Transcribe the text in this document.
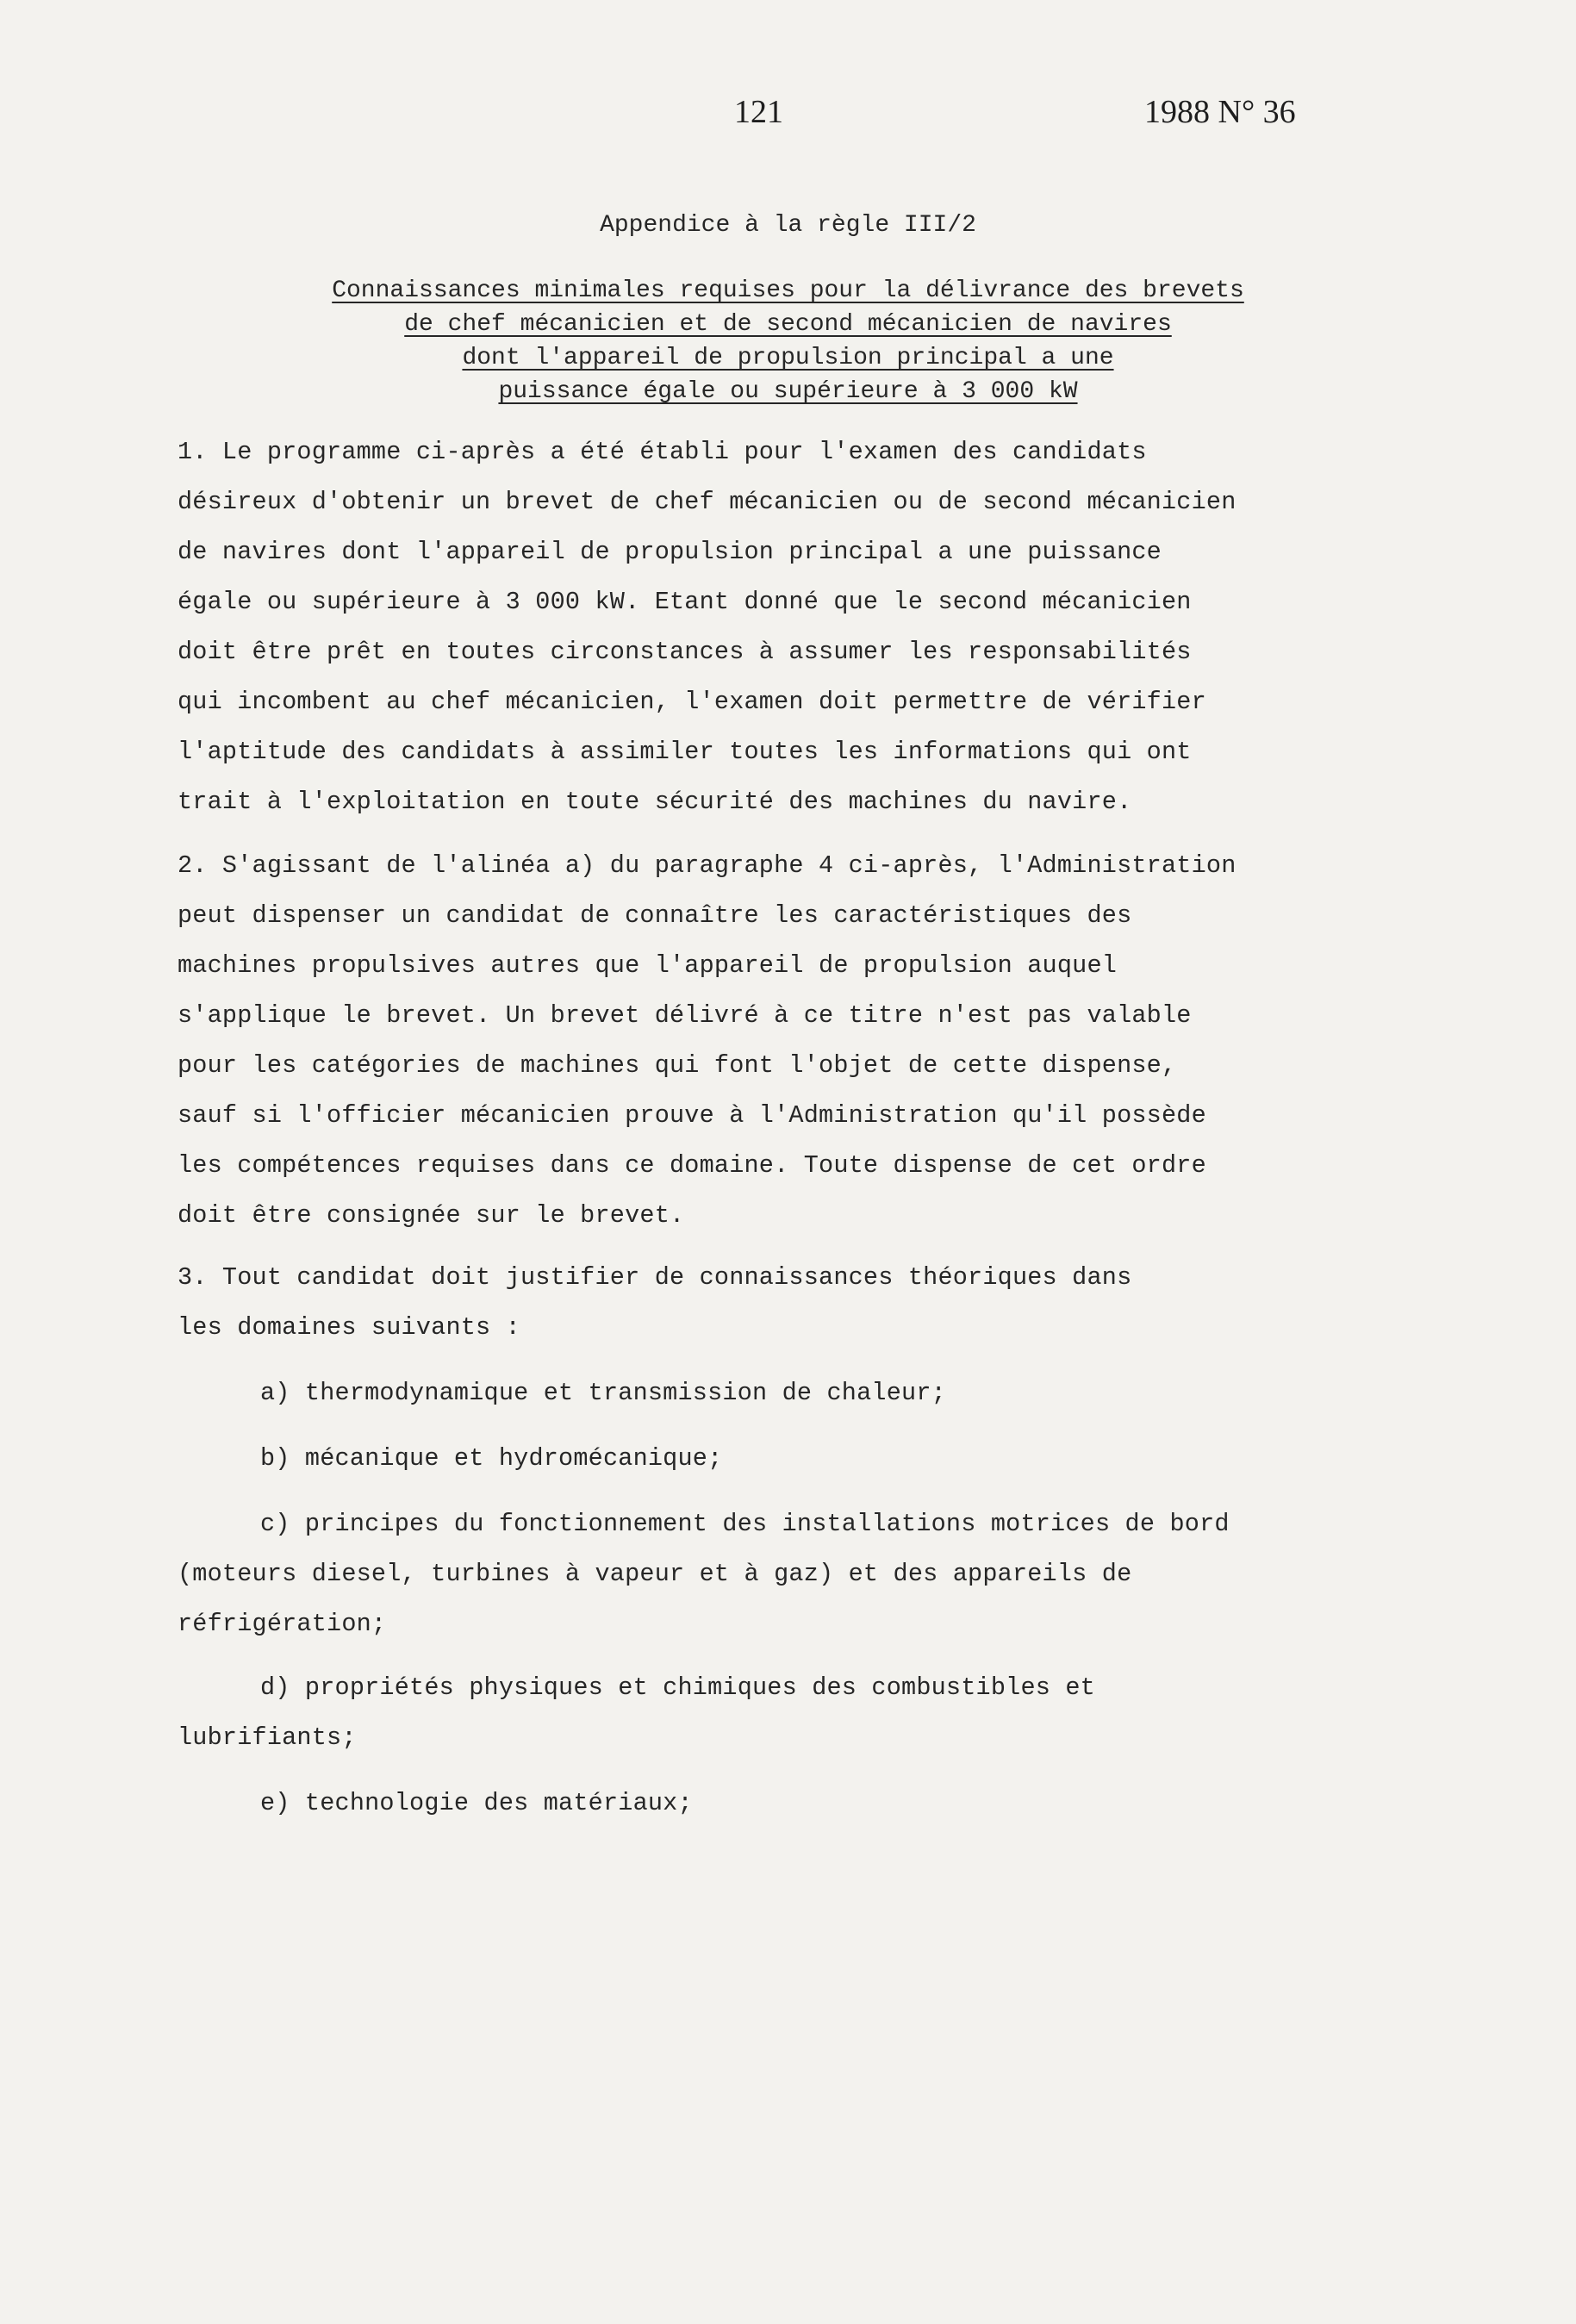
121	1988 N° 36
Appendice à la règle III/2
Connaissances minimales requises pour la délivrance des brevets
de chef mécanicien et de second mécanicien de navires
dont l'appareil de propulsion principal a une
puissance égale ou supérieure à 3 000 kW
1. Le programme ci-après a été établi pour l'examen des candidats
désireux d'obtenir un brevet de chef mécanicien ou de second mécanicien
de navires dont l'appareil de propulsion principal a une puissance
égale ou supérieure à 3 000 kW. Etant donné que le second mécanicien
doit être prêt en toutes circonstances à assumer les responsabilités
qui incombent au chef mécanicien, l'examen doit permettre de vérifier
l'aptitude des candidats à assimiler toutes les informations qui ont
trait à l'exploitation en toute sécurité des machines du navire.
2. S'agissant de l'alinéa a) du paragraphe 4 ci-après, l'Administration
peut dispenser un candidat de connaître les caractéristiques des
machines propulsives autres que l'appareil de propulsion auquel
s'applique le brevet. Un brevet délivré à ce titre n'est pas valable
pour les catégories de machines qui font l'objet de cette dispense,
sauf si l'officier mécanicien prouve à l'Administration qu'il possède
les compétences requises dans ce domaine. Toute dispense de cet ordre
doit être consignée sur le brevet.
3. Tout candidat doit justifier de connaissances théoriques dans
les domaines suivants :
a) thermodynamique et transmission de chaleur;
b) mécanique et hydromécanique;
c) principes du fonctionnement des installations motrices de bord
(moteurs diesel, turbines à vapeur et à gaz) et des appareils de
réfrigération;
d) propriétés physiques et chimiques des combustibles et
lubrifiants;
e) technologie des matériaux;
